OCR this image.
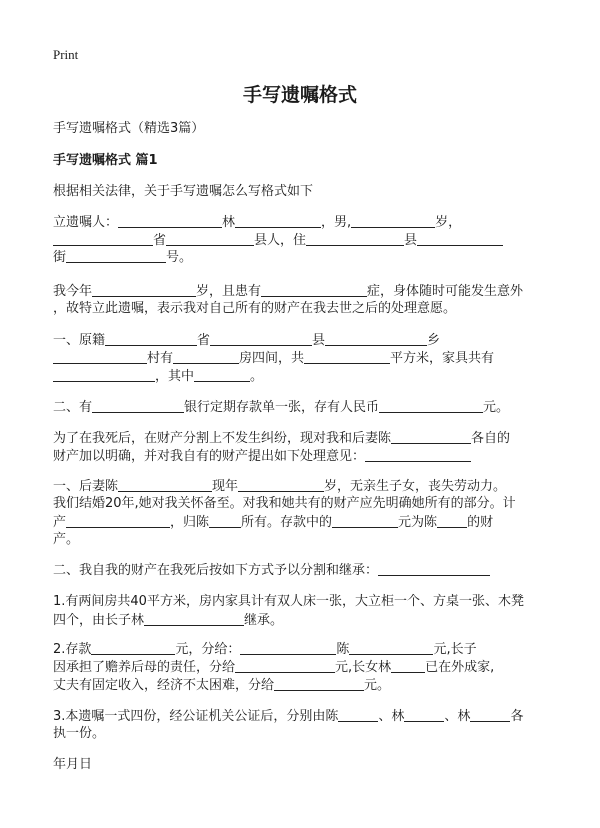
Print
手写遗嘱格式
手写遗嘱格式（精选3篇）
手写遗嘱格式 篇1
根据相关法律，关于手写遗嘱怎么写格式如下
立遗嘱人：	林	，男,	岁，
省	县人，住	县
街	号。
我今年	岁，且患有	症，身体随时可能发生意外
，故特立此遗嘱，表示我对自己所有的财产在我去世之后的处理意愿。
一、原籍	省	县	乡
村有	房四间，共	平方米，家具共有
，其中	。
二、有	银行定期存款单一张，存有人民币	元。
为了在我死后，在财产分割上不发生纠纷，现对我和后妻陈	各自的
财产加以明确，并对我自有的财产提出如下处理意见：
一、后妻陈	现年	岁，无亲生子女，丧失劳动力。
我们结婚20年,她对我关怀备至。对我和她共有的财产应先明确她所有的部分。计
产	，归陈 所有。存款中的	元为陈 的财
产。
二、我自我的财产在我死后按如下方式予以分割和继承：
1.有两间房共40平方米，房内家具计有双人床一张，大立柜一个、方桌一张、木凳
四个，由长子林	继承。
2.存款	元，分给：	陈	元,长子
因承担了赡养后母的责任，分给	元,长女林	已在外成家,
丈夫有固定收入，经济不太困难，分给	元。
3.本遗嘱一式四份，经公证机关公证后，分别由陈	、林	、林	各
执一份。
年月日
